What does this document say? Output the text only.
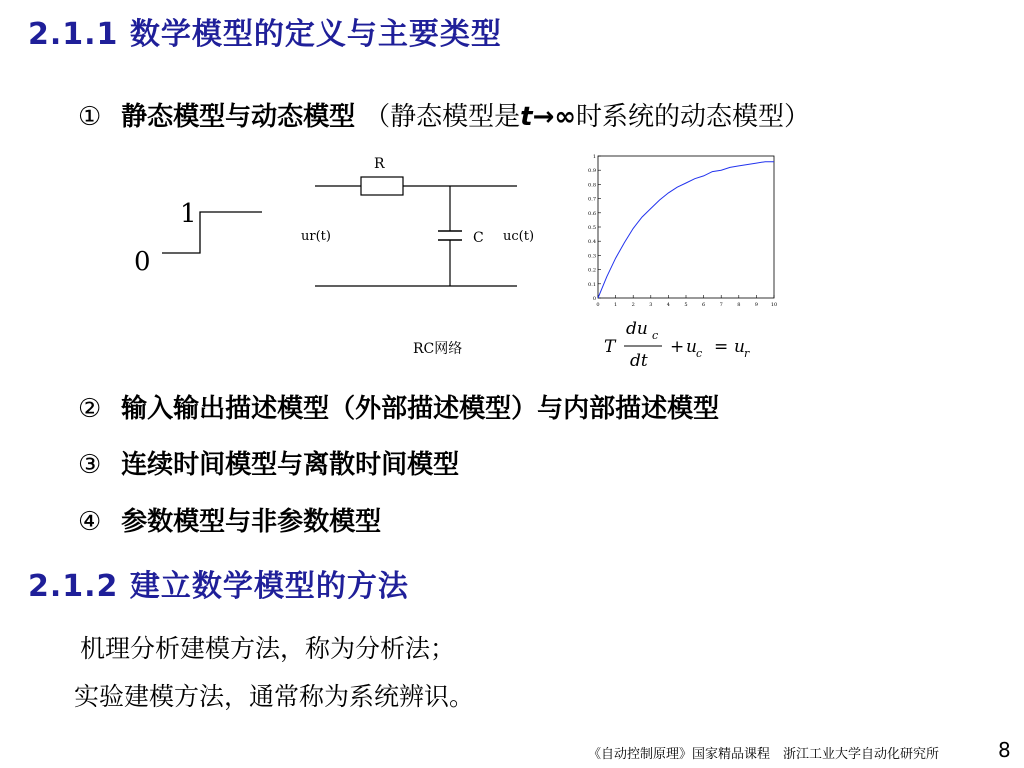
2.1.1 数学模型的定义与主要类型
① 静态模型与动态模型 （静态模型是t→∞时系统的动态模型）
1
0
R
C
ur(t)	uc(t)
RC网络
0	1	2	3	4	5	6	7	8	9	10
0
0.1
0.2
0.3
0.4
0.5
0.6
0.7
0.8
0.9
1
T
du c
dt
+ u c = u r
② 输入输出描述模型（外部描述模型）与内部描述模型
③ 连续时间模型与离散时间模型
④ 参数模型与非参数模型
2.1.2 建立数学模型的方法
机理分析建模方法，称为分析法；
实验建模方法，通常称为系统辨识。
《自动控制原理》国家精品课程　浙江工业大学自动化研究所	8
